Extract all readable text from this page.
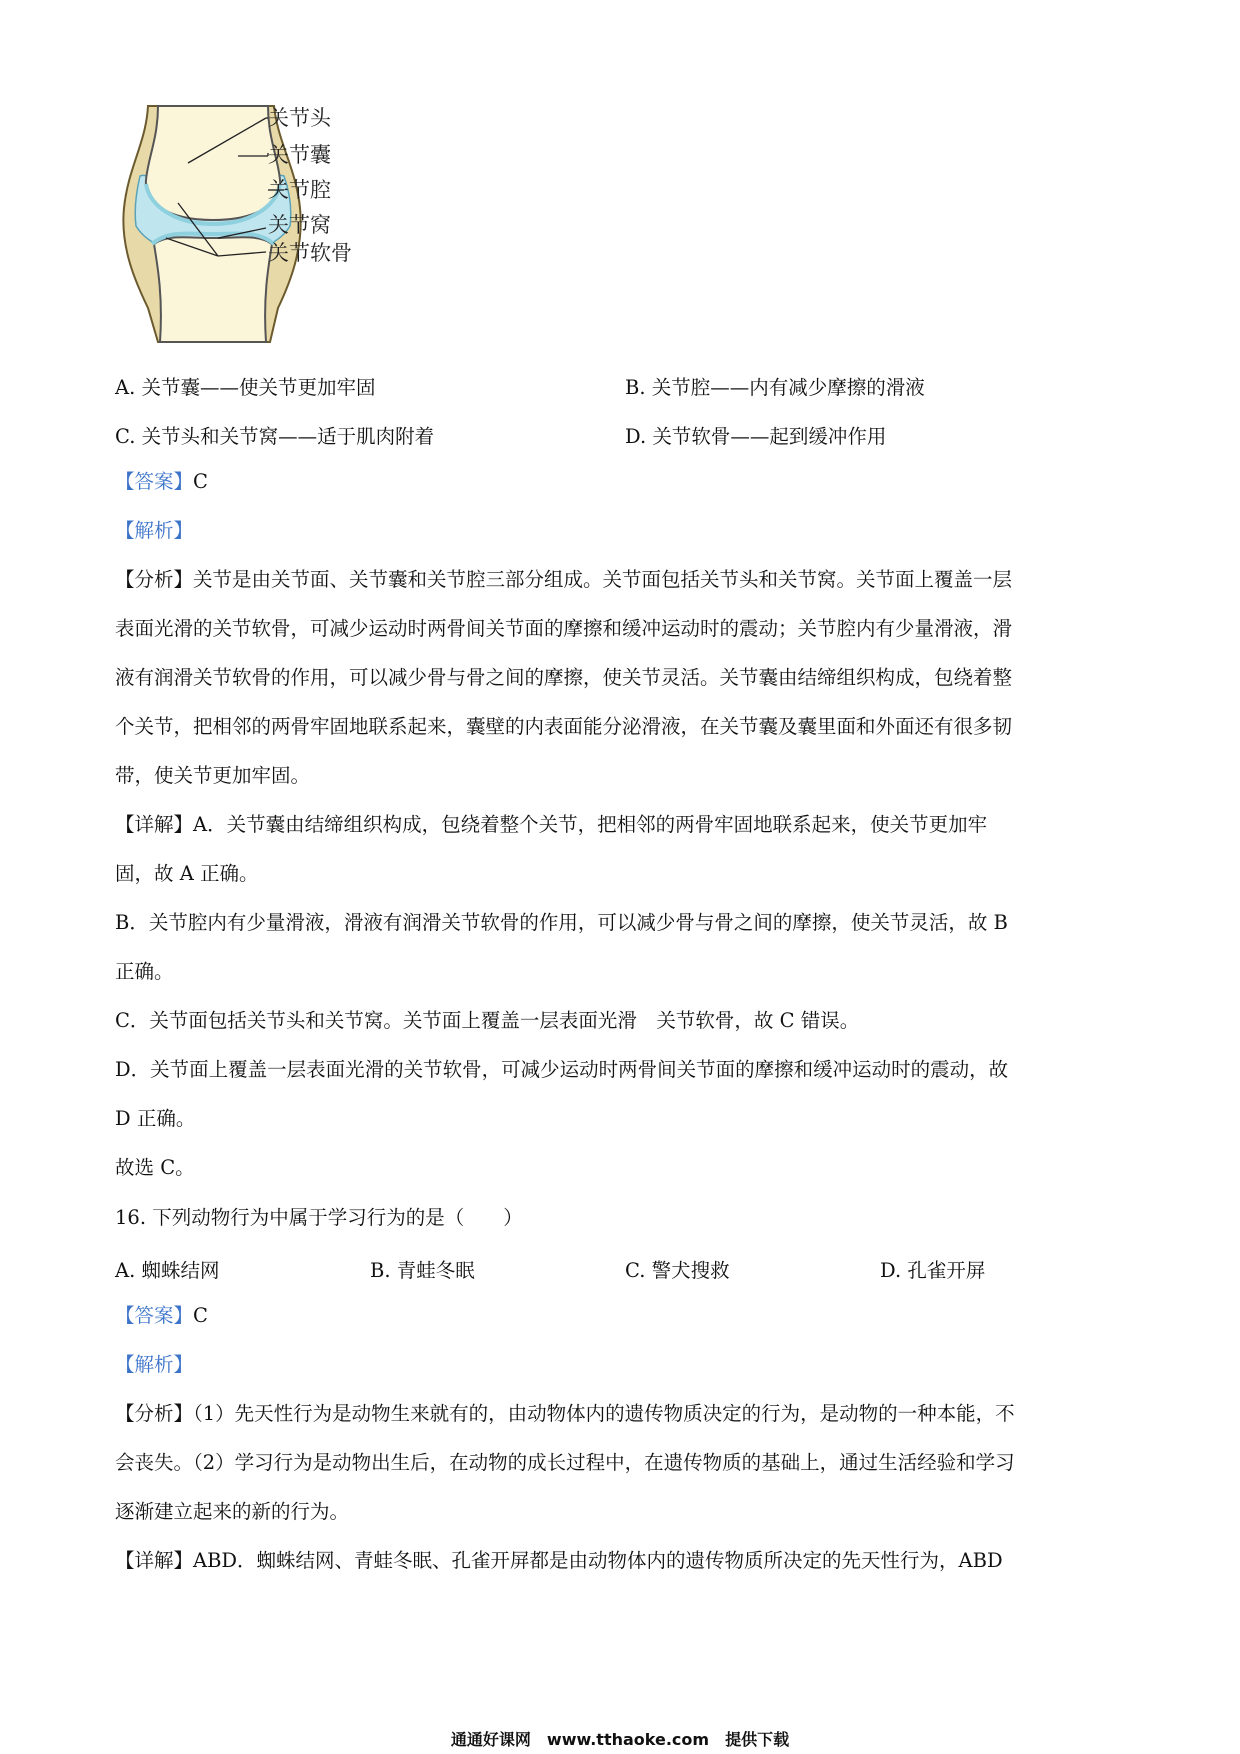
关节头
关节囊
关节腔
关节窝
关节软骨
A. 关节囊——使关节更加牢固	B. 关节腔——内有减少摩擦的滑液
C. 关节头和关节窝——适于肌肉附着	D. 关节软骨——起到缓冲作用
【答案】C
【解析】
【分析】关节是由关节面、关节囊和关节腔三部分组成。关节面包括关节头和关节窝。关节面上覆盖一层
表面光滑的关节软骨，可减少运动时两骨间关节面的摩擦和缓冲运动时的震动；关节腔内有少量滑液，滑
液有润滑关节软骨的作用，可以减少骨与骨之间的摩擦，使关节灵活。关节囊由结缔组织构成，包绕着整
个关节，把相邻的两骨牢固地联系起来，囊壁的内表面能分泌滑液，在关节囊及囊里面和外面还有很多韧
带，使关节更加牢固。
【详解】A．关节囊由结缔组织构成，包绕着整个关节，把相邻的两骨牢固地联系起来，使关节更加牢
固，故 A 正确。
B．关节腔内有少量滑液，滑液有润滑关节软骨的作用，可以减少骨与骨之间的摩擦，使关节灵活，故 B
正确。
C．关节面包括关节头和关节窝。关节面上覆盖一层表面光滑　关节软骨，故 C 错误。
D．关节面上覆盖一层表面光滑的关节软骨，可减少运动时两骨间关节面的摩擦和缓冲运动时的震动，故
D 正确。
故选 C。
16. 下列动物行为中属于学习行为的是（　　）
A. 蜘蛛结网	B. 青蛙冬眠	C. 警犬搜救	D. 孔雀开屏
【答案】C
【解析】
【分析】（1）先天性行为是动物生来就有的，由动物体内的遗传物质决定的行为，是动物的一种本能，不
会丧失。（2）学习行为是动物出生后，在动物的成长过程中，在遗传物质的基础上，通过生活经验和学习
逐渐建立起来的新的行为。
【详解】ABD．蜘蛛结网、青蛙冬眠、孔雀开屏都是由动物体内的遗传物质所决定的先天性行为，ABD
通通好课网　www.tthaoke.com　提供下载
